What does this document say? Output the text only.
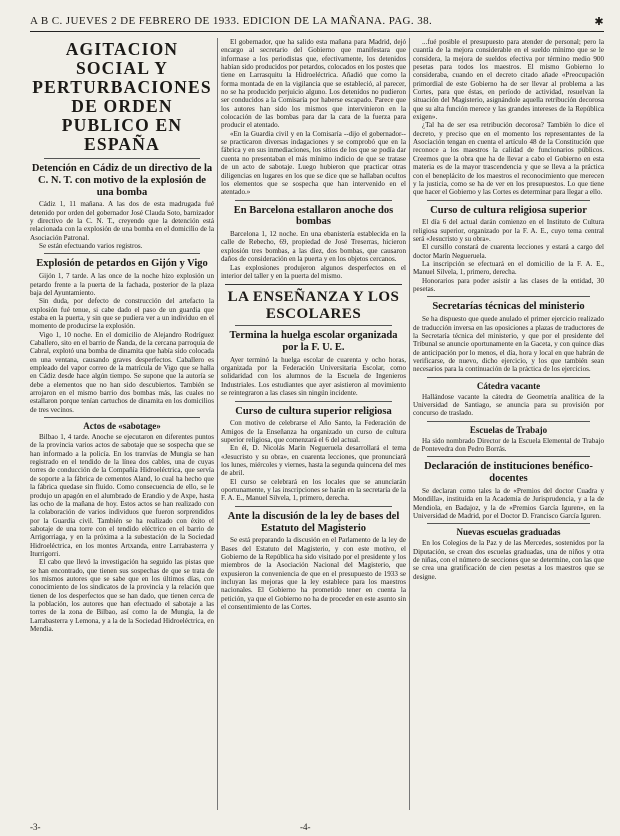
A B C. JUEVES 2 DE FEBRERO DE 1933. EDICION DE LA MAÑANA. PAG. 38.	✱
AGITACION SOCIAL Y PERTURBACIONES DE ORDEN PUBLICO EN ESPAÑA
Detención en Cádiz de un directivo de la C. N. T. con motivo de la explosión de una bomba

Cádiz 1, 11 mañana. A las dos de esta madrugada fué detenido por orden del gobernador José Clauda Soto, barnizador y directivo de la C. N. T., creyendo que la detención está relacionada con la explosión de una bomba en el domicilio de la Asociación Patronal.

Se están efectuando varios registros.

Explosión de petardos en Gijón y Vigo

Gijón 1, 7 tarde. A las once de la noche hizo explosión un petardo frente a la puerta de la fachada, posterior de la plaza baja del Ayuntamiento.

Sin duda, por defecto de construcción del artefacto la explosión fué tenue, si cabe dado el paso de un guardia que estaba en la puerta, y sin que se pudiera ver a un individuo en el momento de producirse la explosión.

Vigo 1, 10 noche. En el domicilio de Alejandro Rodríguez Caballero, sito en el barrio de Ñanda, de la cercana parroquia de Cabral, explotó una bomba de dinamita que había sido colocada en una ventana, causando graves desperfectos. Caballero es empleado del vapor correo de la matrícula de Vigo que se halla en Cádiz desde hace algún tiempo. Se supone que la autoría se debe a elementos que no han sido descubiertos. También se arrojaron en el mismo barrio dos bombas más, las cuales no estallaron porque tenían cartuchos de dinamita en los domicilios de tres vecinos.

Actos de «sabotage»

Bilbao 1, 4 tarde. Anoche se ejecutaron en diferentes puntos de la provincia varios actos de sabotaje que se sospecha que se han informado a la policía. En los tranvías de Mungia se han registrado en el tendido de la línea dos cables, una de cuyas torres de conducción de la Compañía Hidroeléctrica, que servía de soporte a la fábrica de cementos Aland, lo cual ha hecho que la fábrica quedase sin fluido. Como consecuencia de ello, se le produjo un apagón en el alumbrado de Erandio y de Axpe, hasta las ocho de la mañana de hoy. Estos actos se han realizado con la colaboración de varios individuos que fueron sorprendidos por la Guardia civil. También se ha realizado con éxito el sabotaje de una torre con el tendido eléctrico en el barrio de Arrigorriaga, y en la próxima a la subestación de la Sociedad Hidroeléctrica, en los montes Artxanda, entre Larrabasterra y Iturrigorri.

El cabo que llevó la investigación ha seguido las pistas que se han encontrado, que tienen sus sospechas de que se trata de los mismos autores que se sabe que en los últimos días, con conocimiento de los sindicatos de la provincia y la relación que tienen de los desperfectos que se han dado, que tienen cerca de la población, los autores que han efectuado el sabotaje a las torres de la zona de Bilbao, así como la de Mungia, la de Larrabasterra y Lemona, y a la de la Sociedad Hidroeléctrica, en Mendia.

El gobernador, que ha salido esta mañana para Madrid, dejó encargo al secretario del Gobierno que manifestara que informase a los periodistas que, efectivamente, los detenidos habían sido producidos por petardos, colocados en los postes que tiene en Larrasquitu la Hidroeléctrica. Añadió que como la forma montada de en la vigilancia que se estableció, al parecer, no se ha producido perjuicio alguno. Los detenidos no pudieron ser conducidos a la Comisaría por haberse escapado. Parece que los autores han sido los mismos que intervinieron en la colocación de las bombas para dar la cara de la fuerza para producir el atentado.

«En la Guardia civil y en la Comisaría --dijo el gobernador-- se practicaron diversas indagaciones y se comprobó que en la fábrica y en sus inmediaciones, los sitios de los que se podía dar cuenta no presentaban el más mínimo indicio de que se tratase de un acto de sabotaje. Luego hubieron que practicar otras diligencias en lugares en los que se dice que se hallaban ocultos los elementos que se sospecha que han intervenido en el atentado.»

En Barcelona estallaron anoche dos bombas

Barcelona 1, 12 noche. En una ebanistería establecida en la calle de Rebecho, 69, propiedad de José Treserras, hicieron explosión tres bombas, a las diez, dos bombas, que causaron daños de consideración en la puerta y en los objetos cercanos.

Las explosiones produjeron algunos desperfectos en el interior del taller y en la puerta del mismo.

LA ENSEÑANZA Y LOS ESCOLARES
Termina la huelga escolar organizada por la F. U. E.

Ayer terminó la huelga escolar de cuarenta y ocho horas, organizada por la Federación Universitaria Escolar, como solidaridad con los alumnos de la Escuela de Ingenieros Industriales. Los estudiantes que ayer asistieron al movimiento se reintegraron a las clases sin ningún incidente.

Curso de cultura superior religiosa

Con motivo de celebrarse el Año Santo, la Federación de Amigos de la Enseñanza ha organizado un curso de cultura superior religiosa, que comenzará el 6 del actual.

En él, D. Nicolás Marín Negueruela desarrollará el tema «Jesucristo y su obra», en cuarenta lecciones, que pronunciará los lunes, miércoles y viernes, hasta la segunda quincena del mes de abril.

El curso se celebrará en los locales que se anunciarán oportunamente, y las inscripciones se harán en la secretaría de la F. A. E., Manuel Silvela, 1, primero, derecha.

Ante la discusión de la ley de bases del Estatuto del Magisterio

Se está preparando la discusión en el Parlamento de la ley de Bases del Estatuto del Magisterio, y con este motivo, el Gobierno de la República ha sido visitado por el presidente y los miembros de la Asociación Nacional del Magisterio, que expusieron la conveniencia de que en el presupuesto de 1933 se incluyan las mejoras que la ley establece para los maestros nacionales. El Gobierno ha prometido tener en cuenta la petición, ya que el Gobierno no ha de proceder en este asunto sin el consentimiento de las Cortes.

...fué posible el presupuesto para atender de personal; pero la cuantía de la mejora considerable en el sueldo mínimo que se le considera, la mejora de sueldos efectiva por término medio 900 pesetas para todos los maestros. El mismo Gobierno lo consideraba, cuando en el decreto citado añade «Preocupación primordial de este Gobierno ha de ser llevar al problema a las Cortes, para que éstas, en período de actividad, resuelvan la situación del Magisterio, asignándole aquella retribución decorosa que su alta función merece y las grandes intereses de la República exigen».

¿Tal ha de ser esa retribución decorosa? También lo dice el decreto, y preciso que en el momento los representantes de la Asociación tengan en cuenta el artículo 48 de la Constitución que reconoce a los maestros la calidad de funcionarios públicos. Creemos que la obra que ha de llevar a cabo el Gobierno en esta materia es de la mayor trascendencia y que se lleva a la práctica con el beneplácito de los maestros el reconocimiento que merecen y la justicia, como se ha de ver en los presupuestos. Lo que tiene que hacer el Gobierno y las Cortes es determinar para llegar a ello.

Curso de cultura religiosa superior

El día 6 del actual darán comienzo en el Instituto de Cultura religiosa superior, organizado por la F. A. E., cuyo tema central será «Jesucristo y su obra».

El cursillo constará de cuarenta lecciones y estará a cargo del doctor Marín Negueruela.

La inscripción se efectuará en el domicilio de la F. A. E., Manuel Silvela, 1, primero, derecha.

Honorarios para poder asistir a las clases de la entidad, 30 pesetas.

Secretarías técnicas del ministerio

Se ha dispuesto que quede anulado el primer ejercicio realizado de traducción inversa en las oposiciones a plazas de traductores de la Secretaría técnica del ministerio, y que por el presidente del Tribunal se anuncie oportunamente en la Gaceta, y con quince días de anticipación por lo menos, el día, hora y local en que habrán de verificarse, de nuevo, dicho ejercicio, y los que también sean necesarios para la continuación de la práctica de los ejercicios.

Cátedra vacante

Hallándose vacante la cátedra de Geometría analítica de la Universidad de Santiago, se anuncia para su provisión por concurso de traslado.

Escuelas de Trabajo

Ha sido nombrado Director de la Escuela Elemental de Trabajo de Pontevedra don Pedro Borrás.

Declaración de instituciones benéfico-docentes

Se declaran como tales la de «Premios del doctor Cuadra y Mondilla», instituida en la Academia de Jurisprudencia, y a la de Mendiola, en Badajoz, y la de «Premios García Iguren», en la Universidad de Madrid, por el Doctor D. Francisco García Iguren.

Nuevas escuelas graduadas

En los Colegios de la Paz y de las Mercedes, sostenidos por la Diputación, se crean dos escuelas graduadas, una de niños y otra de niñas, con el número de secciones que se determine, con las que se crea una gratificación de cien pesetas a los maestros que se designe.

-3-	-4-
